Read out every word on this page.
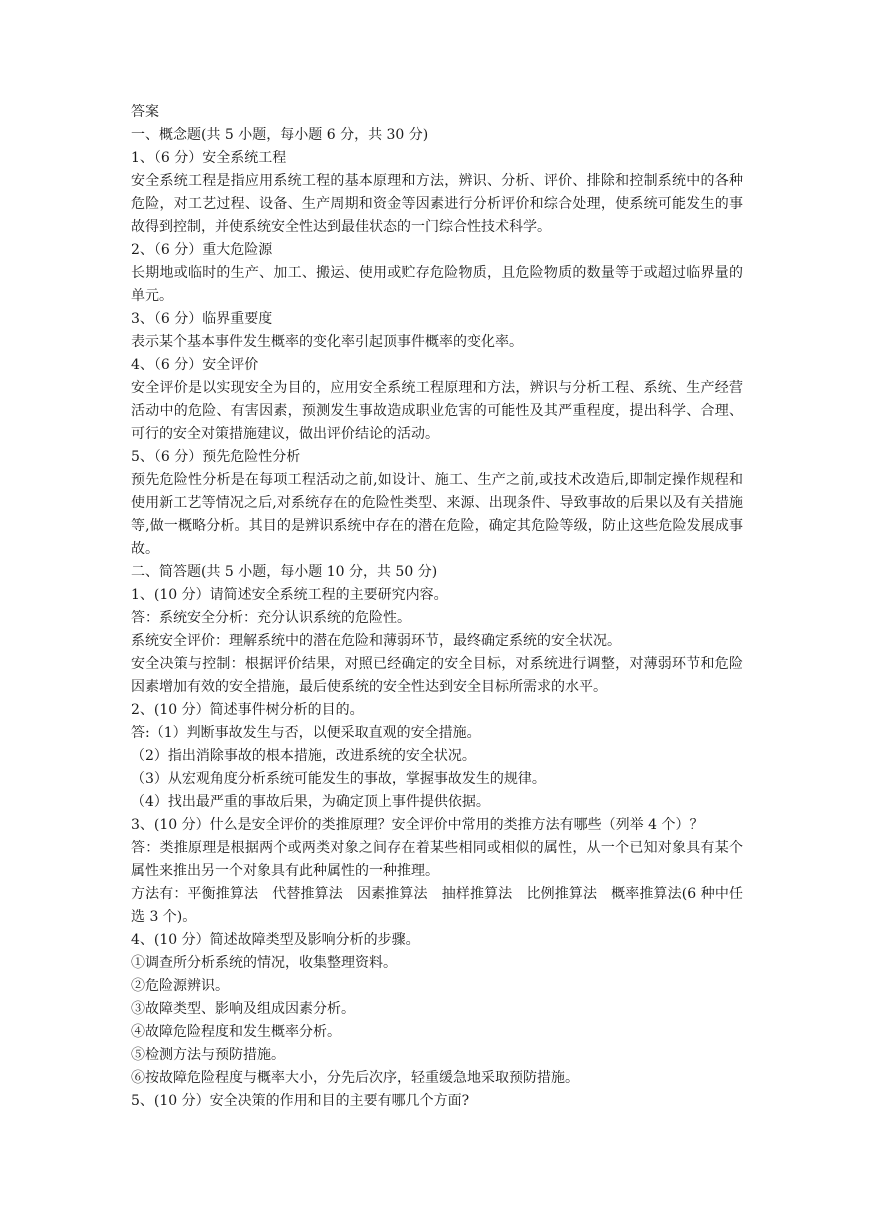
答案

一、概念题(共 5 小题，每小题 6 分，共 30 分)

1、（6 分）安全系统工程

安全系统工程是指应用系统工程的基本原理和方法，辨识、分析、评价、排除和控制系统中的各种危险，对工艺过程、设备、生产周期和资金等因素进行分析评价和综合处理，使系统可能发生的事故得到控制，并使系统安全性达到最佳状态的一门综合性技术科学。

2、（6 分）重大危险源

长期地或临时的生产、加工、搬运、使用或贮存危险物质，且危险物质的数量等于或超过临界量的单元。

3、（6 分）临界重要度

表示某个基本事件发生概率的变化率引起顶事件概率的变化率。

4、（6 分）安全评价

安全评价是以实现安全为目的，应用安全系统工程原理和方法，辨识与分析工程、系统、生产经营活动中的危险、有害因素，预测发生事故造成职业危害的可能性及其严重程度，提出科学、合理、可行的安全对策措施建议，做出评价结论的活动。

5、（6 分）预先危险性分析

预先危险性分析是在每项工程活动之前,如设计、施工、生产之前,或技术改造后,即制定操作规程和使用新工艺等情况之后,对系统存在的危险性类型、来源、出现条件、导致事故的后果以及有关措施等,做一概略分析。其目的是辨识系统中存在的潜在危险，确定其危险等级，防止这些危险发展成事故。

二、简答题(共 5 小题，每小题 10 分，共 50 分)

1、(10 分）请简述安全系统工程的主要研究内容。

答：系统安全分析：充分认识系统的危险性。

系统安全评价：理解系统中的潜在危险和薄弱环节，最终确定系统的安全状况。

安全决策与控制：根据评价结果，对照已经确定的安全目标，对系统进行调整，对薄弱环节和危险因素增加有效的安全措施，最后使系统的安全性达到安全目标所需求的水平。

2、(10 分）简述事件树分析的目的。

答:（1）判断事故发生与否，以便采取直观的安全措施。

（2）指出消除事故的根本措施，改进系统的安全状况。

（3）从宏观角度分析系统可能发生的事故，掌握事故发生的规律。

（4）找出最严重的事故后果，为确定顶上事件提供依据。

3、(10 分）什么是安全评价的类推原理？安全评价中常用的类推方法有哪些（列举 4 个）？

答：类推原理是根据两个或两类对象之间存在着某些相同或相似的属性，从一个已知对象具有某个属性来推出另一个对象具有此种属性的一种推理。

方法有：平衡推算法　代替推算法　因素推算法　抽样推算法　比例推算法　概率推算法(6 种中任选 3 个)。

4、(10 分）简述故障类型及影响分析的步骤。

①调查所分析系统的情况，收集整理资料。

②危险源辨识。

③故障类型、影响及组成因素分析。

④故障危险程度和发生概率分析。

⑤检测方法与预防措施。

⑥按故障危险程度与概率大小，分先后次序，轻重缓急地采取预防措施。

5、(10 分）安全决策的作用和目的主要有哪几个方面?
